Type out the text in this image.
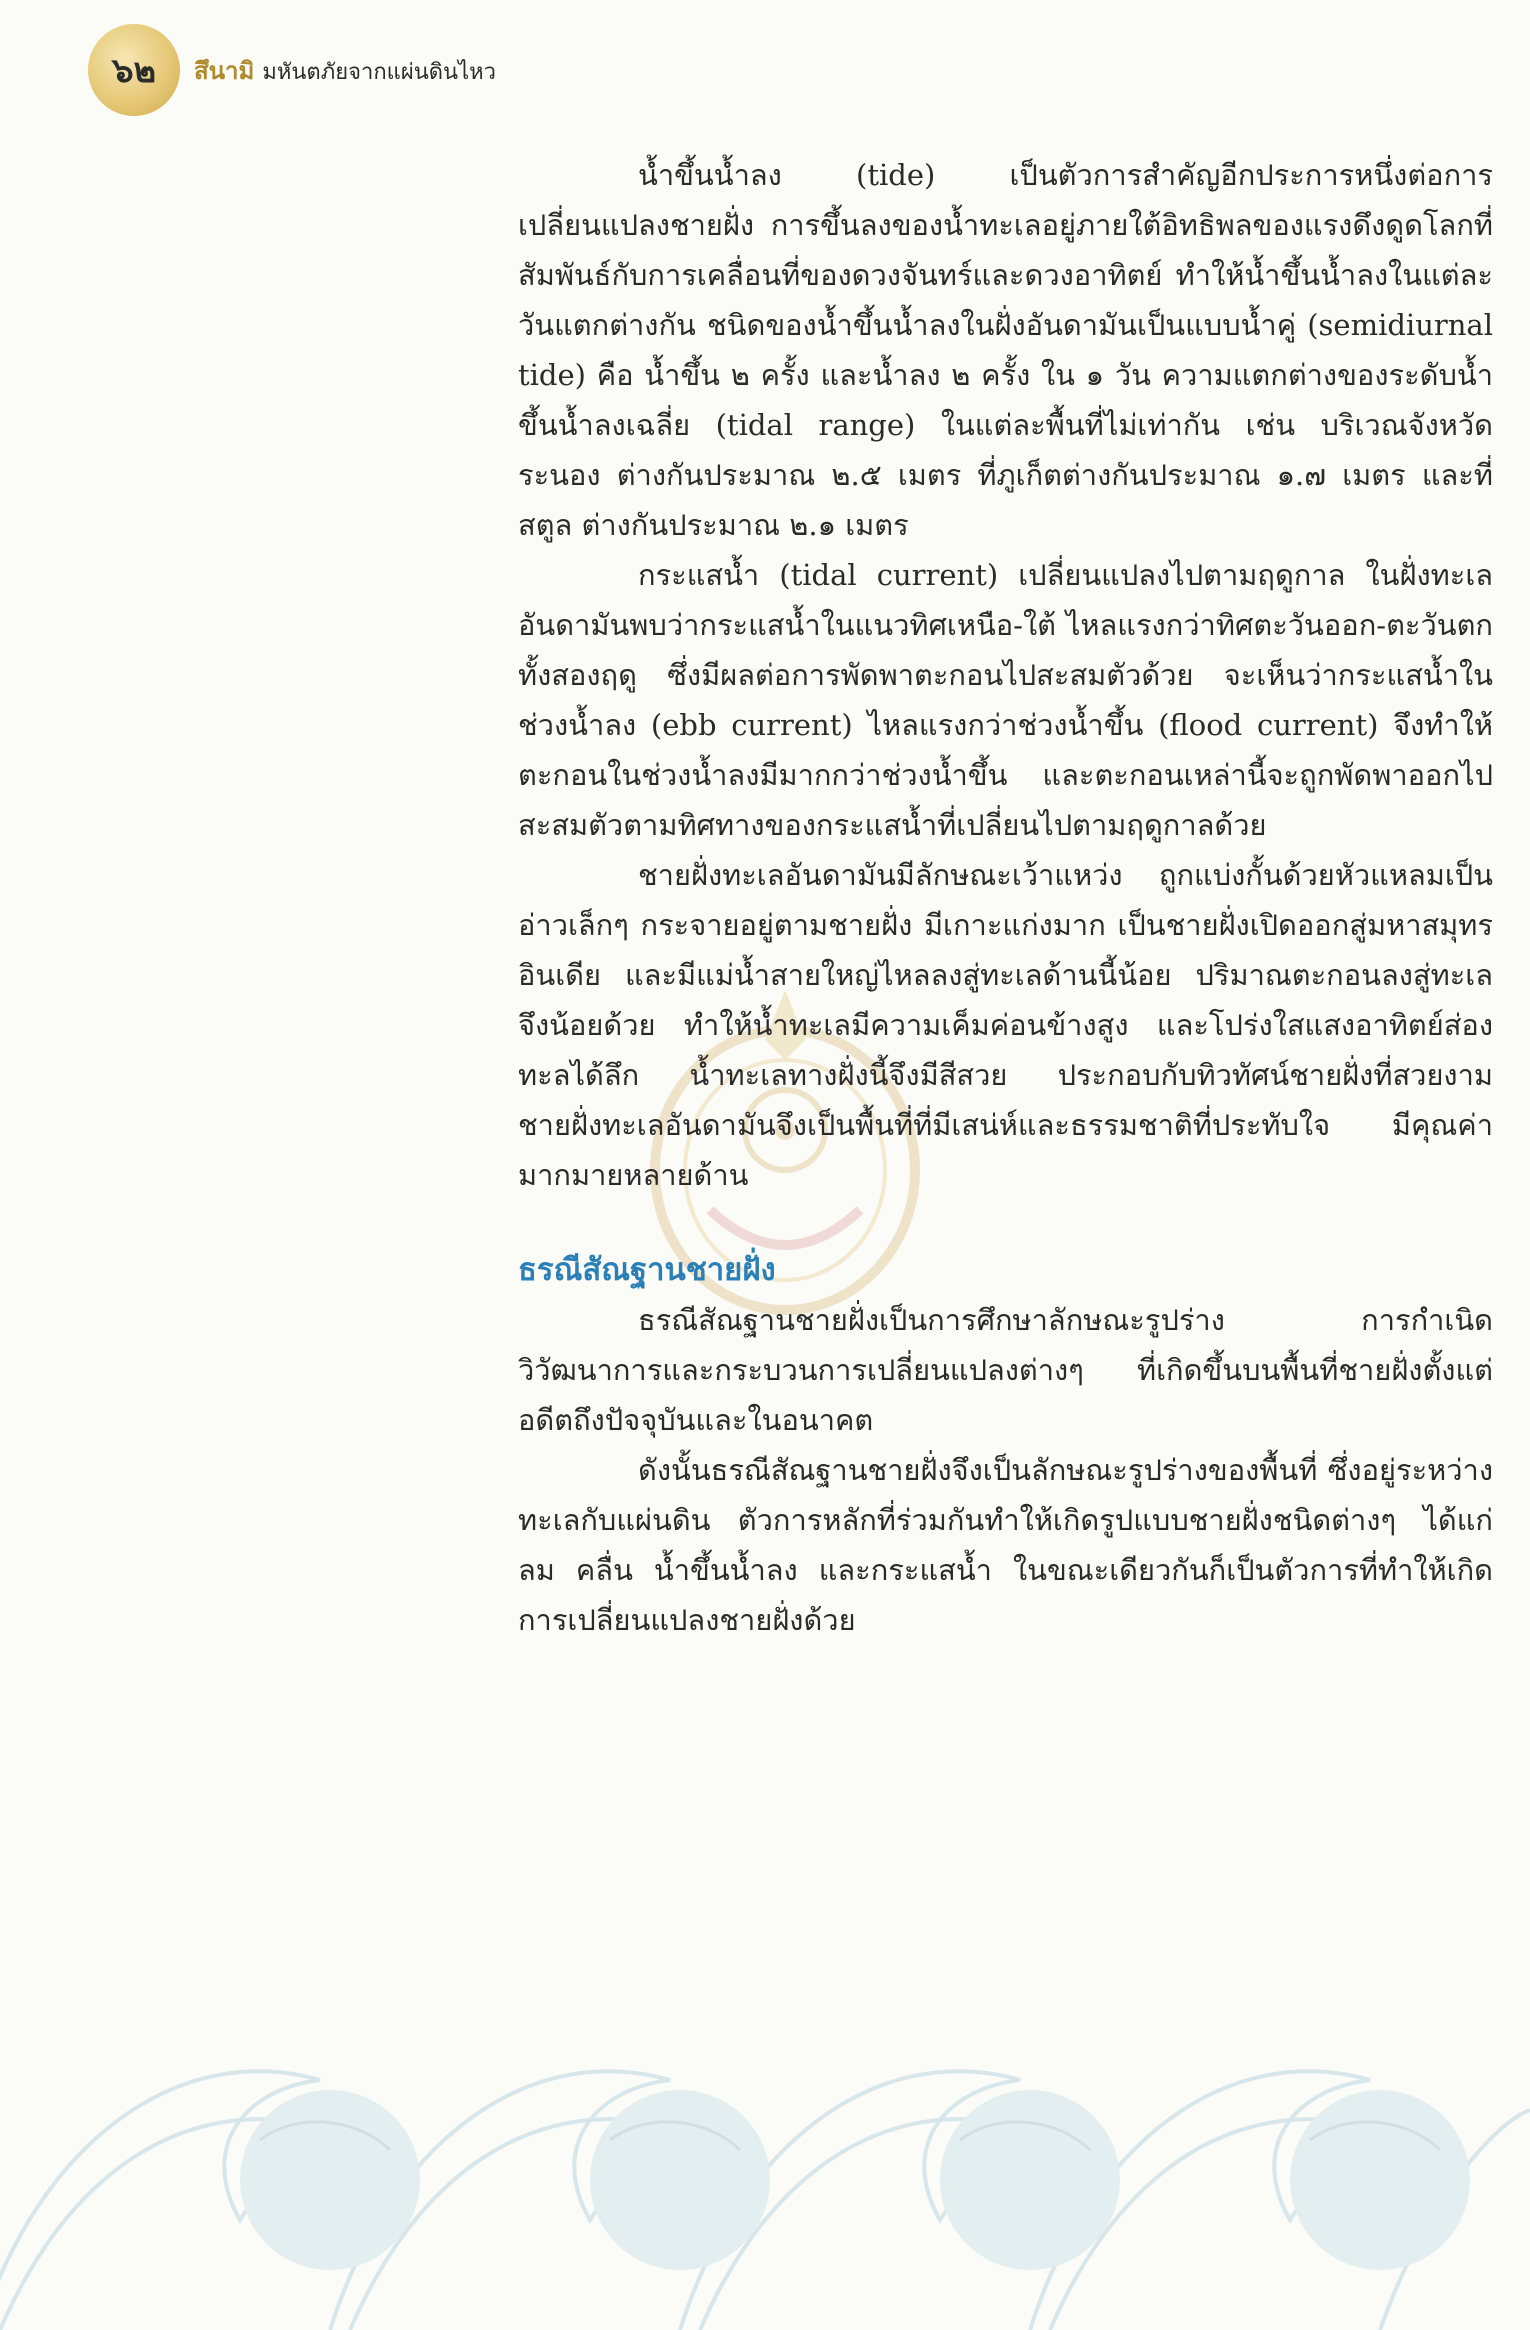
๖๒ สึนามิ มหันตภัยจากแผ่นดินไหว

น้ำขึ้นน้ำลง (tide) เป็นตัวการสำคัญอีกประการหนึ่งต่อการเปลี่ยนแปลงชายฝั่ง การขึ้นลงของน้ำทะเลอยู่ภายใต้อิทธิพลของแรงดึงดูดโลกที่สัมพันธ์กับการเคลื่อนที่ของดวงจันทร์และดวงอาทิตย์ ทำให้น้ำขึ้นน้ำลงในแต่ละวันแตกต่างกัน ชนิดของน้ำขึ้นน้ำลงในฝั่งอันดามันเป็นแบบน้ำคู่ (semidiurnal tide) คือ น้ำขึ้น ๒ ครั้ง และน้ำลง ๒ ครั้ง ใน ๑ วัน ความแตกต่างของระดับน้ำขึ้นน้ำลงเฉลี่ย (tidal range) ในแต่ละพื้นที่ไม่เท่ากัน เช่น บริเวณจังหวัดระนอง ต่างกันประมาณ ๒.๕ เมตร ที่ภูเก็ตต่างกันประมาณ ๑.๗ เมตร และที่สตูล ต่างกันประมาณ ๒.๑ เมตร

กระแสน้ำ (tidal current) เปลี่ยนแปลงไปตามฤดูกาล ในฝั่งทะเลอันดามันพบว่ากระแสน้ำในแนวทิศเหนือ-ใต้ ไหลแรงกว่าทิศตะวันออก-ตะวันตกทั้งสองฤดู ซึ่งมีผลต่อการพัดพาตะกอนไปสะสมตัวด้วย จะเห็นว่ากระแสน้ำในช่วงน้ำลง (ebb current) ไหลแรงกว่าช่วงน้ำขึ้น (flood current) จึงทำให้ตะกอนในช่วงน้ำลงมีมากกว่าช่วงน้ำขึ้น และตะกอนเหล่านี้จะถูกพัดพาออกไปสะสมตัวตามทิศทางของกระแสน้ำที่เปลี่ยนไปตามฤดูกาลด้วย

ชายฝั่งทะเลอันดามันมีลักษณะเว้าแหว่ง ถูกแบ่งกั้นด้วยหัวแหลมเป็นอ่าวเล็กๆ กระจายอยู่ตามชายฝั่ง มีเกาะแก่งมาก เป็นชายฝั่งเปิดออกสู่มหาสมุทรอินเดีย และมีแม่น้ำสายใหญ่ไหลลงสู่ทะเลด้านนี้น้อย ปริมาณตะกอนลงสู่ทะเลจึงน้อยด้วย ทำให้น้ำทะเลมีความเค็มค่อนข้างสูง และโปร่งใสแสงอาทิตย์ส่องทะลได้ลึก น้ำทะเลทางฝั่งนี้จึงมีสีสวย ประกอบกับทิวทัศน์ชายฝั่งที่สวยงาม ชายฝั่งทะเลอันดามันจึงเป็นพื้นที่ที่มีเสน่ห์และธรรมชาติที่ประทับใจ มีคุณค่ามากมายหลายด้าน

ธรณีสัณฐานชายฝั่ง

ธรณีสัณฐานชายฝั่งเป็นการศึกษาลักษณะรูปร่าง การกำเนิด วิวัฒนาการและกระบวนการเปลี่ยนแปลงต่างๆ ที่เกิดขึ้นบนพื้นที่ชายฝั่งตั้งแต่อดีตถึงปัจจุบันและในอนาคต

ดังนั้นธรณีสัณฐานชายฝั่งจึงเป็นลักษณะรูปร่างของพื้นที่ ซึ่งอยู่ระหว่างทะเลกับแผ่นดิน ตัวการหลักที่ร่วมกันทำให้เกิดรูปแบบชายฝั่งชนิดต่างๆ ได้แก่ ลม คลื่น น้ำขึ้นน้ำลง และกระแสน้ำ ในขณะเดียวกันก็เป็นตัวการที่ทำให้เกิดการเปลี่ยนแปลงชายฝั่งด้วย
